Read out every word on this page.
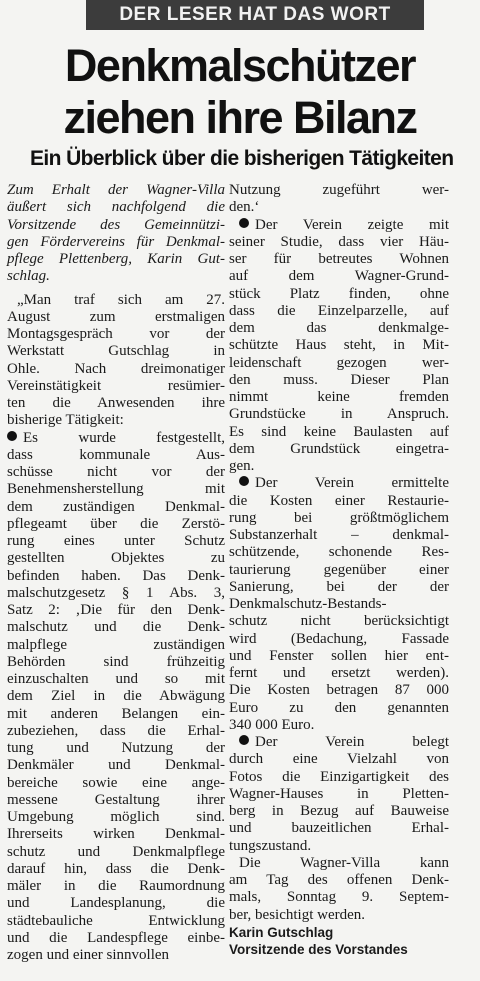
DER LESER HAT DAS WORT
Denkmalschützer
ziehen ihre Bilanz
Ein Überblick über die bisherigen Tätigkeiten
Zum Erhalt der Wagner-Villa
äußert sich nachfolgend die
Vorsitzende des Gemeinnützi-
gen Fördervereins für Denkmal-
pflege Plettenberg, Karin Gut-
schlag.
„Man traf sich am 27.
August zum erstmaligen
Montagsgespräch vor der
Werkstatt Gutschlag in
Ohle. Nach dreimonatiger
Vereinstätigkeit resümier-
ten die Anwesenden ihre
bisherige Tätigkeit:
Es wurde festgestellt,
dass kommunale Aus-
schüsse nicht vor der
Benehmensherstellung mit
dem zuständigen Denkmal-
pflegeamt über die Zerstö-
rung eines unter Schutz
gestellten Objektes zu
befinden haben. Das Denk-
malschutzgesetz § 1 Abs. 3,
Satz 2: ‚Die für den Denk-
malschutz und die Denk-
malpflege zuständigen
Behörden sind frühzeitig
einzuschalten und so mit
dem Ziel in die Abwägung
mit anderen Belangen ein-
zubeziehen, dass die Erhal-
tung und Nutzung der
Denkmäler und Denkmal-
bereiche sowie eine ange-
messene Gestaltung ihrer
Umgebung möglich sind.
Ihrerseits wirken Denkmal-
schutz und Denkmalpflege
darauf hin, dass die Denk-
mäler in die Raumordnung
und Landesplanung, die
städtebauliche Entwicklung
und die Landespflege einbe-
zogen und einer sinnvollen
Nutzung zugeführt wer-
den.‘
Der Verein zeigte mit
seiner Studie, dass vier Häu-
ser für betreutes Wohnen
auf dem Wagner-Grund-
stück Platz finden, ohne
dass die Einzelparzelle, auf
dem das denkmalge-
schützte Haus steht, in Mit-
leidenschaft gezogen wer-
den muss. Dieser Plan
nimmt keine fremden
Grundstücke in Anspruch.
Es sind keine Baulasten auf
dem Grundstück eingetra-
gen.
Der Verein ermittelte
die Kosten einer Restaurie-
rung bei größtmöglichem
Substanzerhalt – denkmal-
schützende, schonende Res-
taurierung gegenüber einer
Sanierung, bei der der
Denkmalschutz-Bestands-
schutz nicht berücksichtigt
wird (Bedachung, Fassade
und Fenster sollen hier ent-
fernt und ersetzt werden).
Die Kosten betragen 87 000
Euro zu den genannten
340 000 Euro.
Der Verein belegt
durch eine Vielzahl von
Fotos die Einzigartigkeit des
Wagner-Hauses in Pletten-
berg in Bezug auf Bauweise
und bauzeitlichen Erhal-
tungszustand.
Die Wagner-Villa kann
am Tag des offenen Denk-
mals, Sonntag 9. Septem-
ber, besichtigt werden.
Karin Gutschlag
Vorsitzende des Vorstandes
